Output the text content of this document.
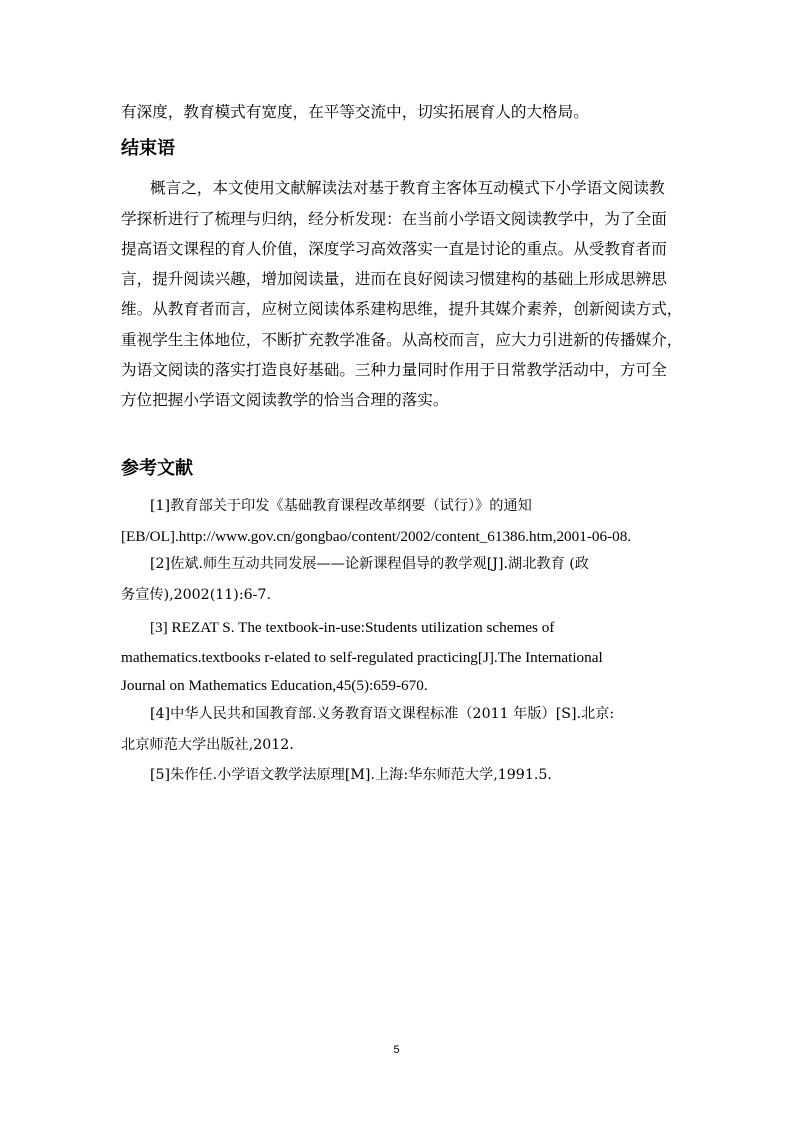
有深度，教育模式有宽度，在平等交流中，切实拓展育人的大格局。
结束语
概言之，本文使用文献解读法对基于教育主客体互动模式下小学语文阅读教
学探析进行了梳理与归纳，经分析发现：在当前小学语文阅读教学中，为了全面
提高语文课程的育人价值，深度学习高效落实一直是讨论的重点。从受教育者而
言，提升阅读兴趣，增加阅读量，进而在良好阅读习惯建构的基础上形成思辨思
维。从教育者而言，应树立阅读体系建构思维，提升其媒介素养，创新阅读方式，
重视学生主体地位，不断扩充教学准备。从高校而言，应大力引进新的传播媒介，
为语文阅读的落实打造良好基础。三种力量同时作用于日常教学活动中，方可全
方位把握小学语文阅读教学的恰当合理的落实。
参考文献
[1]教育部关于印发《基础教育课程改革纲要（试行）》的通知
[EB/OL].http://www.gov.cn/gongbao/content/2002/content_61386.htm,2001-06-08.
[2]佐斌.师生互动共同发展——论新课程倡导的教学观[J].湖北教育 (政
务宣传),2002(11):6-7.
[3] REZAT S. The textbook-in-use:Students utilization schemes of
mathematics.textbooks r-elated to self-regulated practicing[J].The International
Journal on Mathematics Education,45(5):659-670.
[4]中华人民共和国教育部.义务教育语文课程标准（2011 年版）[S].北京:
北京师范大学出版社,2012.
[5]朱作任.小学语文教学法原理[M].上海:华东师范大学,1991.5.
5
